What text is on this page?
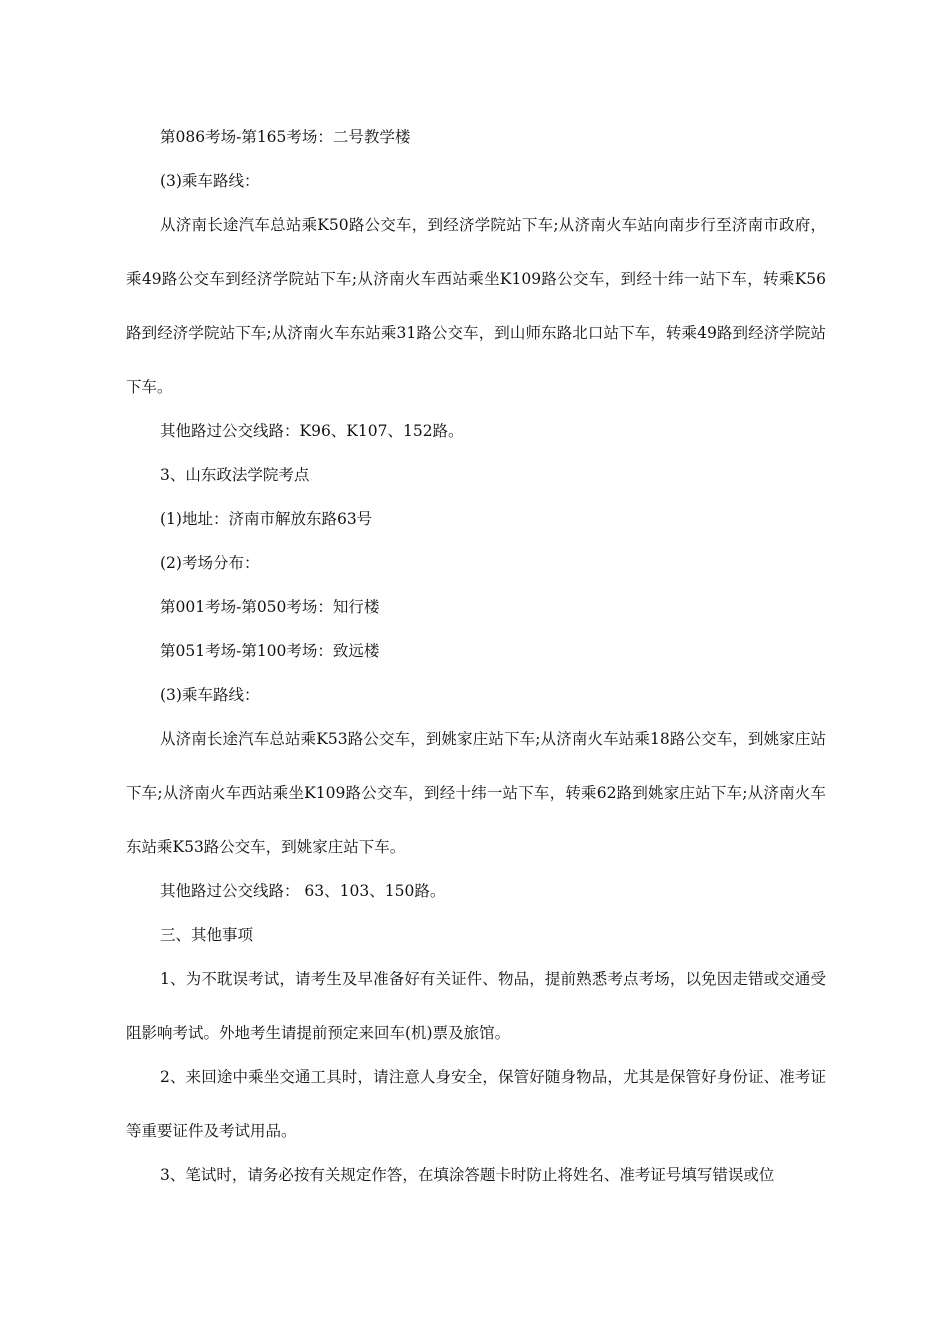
第086考场-第165考场：二号教学楼

(3)乘车路线：

从济南长途汽车总站乘K50路公交车，到经济学院站下车;从济南火车站向南步行至济南市政府，乘49路公交车到经济学院站下车;从济南火车西站乘坐K109路公交车，到经十纬一站下车，转乘K56路到经济学院站下车;从济南火车东站乘31路公交车，到山师东路北口站下车，转乘49路到经济学院站下车。

其他路过公交线路：K96、K107、152路。

3、山东政法学院考点

(1)地址：济南市解放东路63号

(2)考场分布：

第001考场-第050考场：知行楼

第051考场-第100考场：致远楼

(3)乘车路线：

从济南长途汽车总站乘K53路公交车，到姚家庄站下车;从济南火车站乘18路公交车，到姚家庄站下车;从济南火车西站乘坐K109路公交车，到经十纬一站下车，转乘62路到姚家庄站下车;从济南火车东站乘K53路公交车，到姚家庄站下车。

其他路过公交线路： 63、103、150路。

三、其他事项

1、为不耽误考试，请考生及早准备好有关证件、物品，提前熟悉考点考场，以免因走错或交通受阻影响考试。外地考生请提前预定来回车(机)票及旅馆。

2、来回途中乘坐交通工具时，请注意人身安全，保管好随身物品，尤其是保管好身份证、准考证等重要证件及考试用品。

3、笔试时，请务必按有关规定作答，在填涂答题卡时防止将姓名、准考证号填写错误或位
